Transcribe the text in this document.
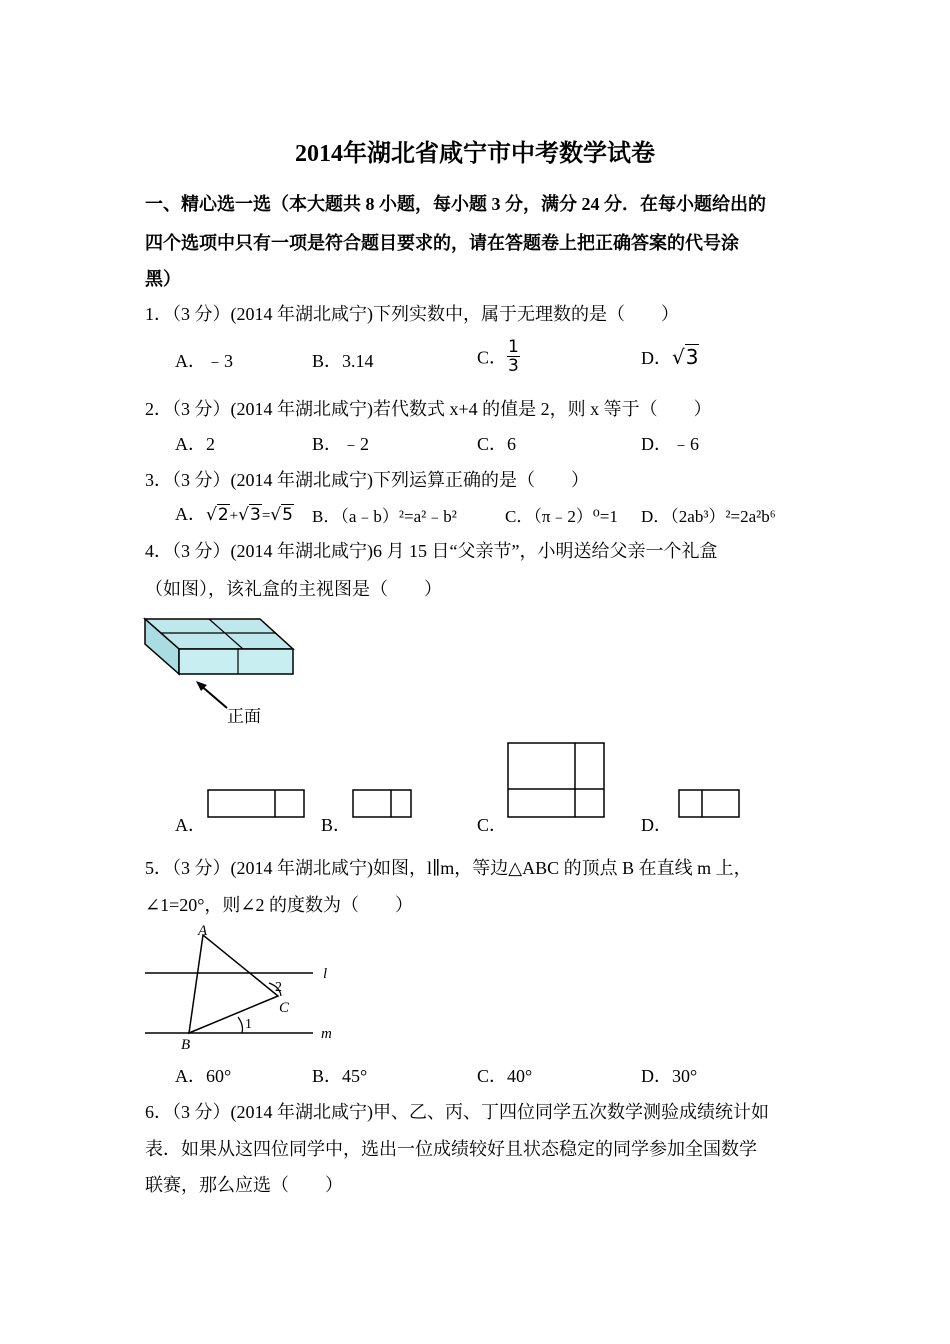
2014年湖北省咸宁市中考数学试卷
一、精心选一选（本大题共 8 小题，每小题 3 分，满分 24 分．在每小题给出的
四个选项中只有一项是符合题目要求的，请在答题卷上把正确答案的代号涂
黑）
1．（3 分）(2014 年湖北咸宁)下列实数中，属于无理数的是（　　）
A．﹣3	B．3.14	C． $\frac{1}{3}$	D．√3
2．（3 分）(2014 年湖北咸宁)若代数式 x+4 的值是 2，则 x 等于（　　）
A．2	B．﹣2	C．6	D．﹣6
3．（3 分）(2014 年湖北咸宁)下列运算正确的是（　　）
A．√2+√3=√5 B．（a﹣b）²=a²﹣b²	C．（π﹣2）⁰=1 D．（2ab³）²=2a²b⁶
4．（3 分）(2014 年湖北咸宁)6 月 15 日“父亲节”，小明送给父亲一个礼盒
（如图），该礼盒的主视图是（　　）
正面
A．	B．	C．	D．
5．（3 分）(2014 年湖北咸宁)如图，l∥m，等边△ABC 的顶点 B 在直线 m 上，
∠1=20°，则∠2 的度数为（　　）
A
B
C
l
m
2
1
A．60°	B．45°	C．40°	D．30°
6．（3 分）(2014 年湖北咸宁)甲、乙、丙、丁四位同学五次数学测验成绩统计如
表．如果从这四位同学中，选出一位成绩较好且状态稳定的同学参加全国数学
联赛，那么应选（　　）
